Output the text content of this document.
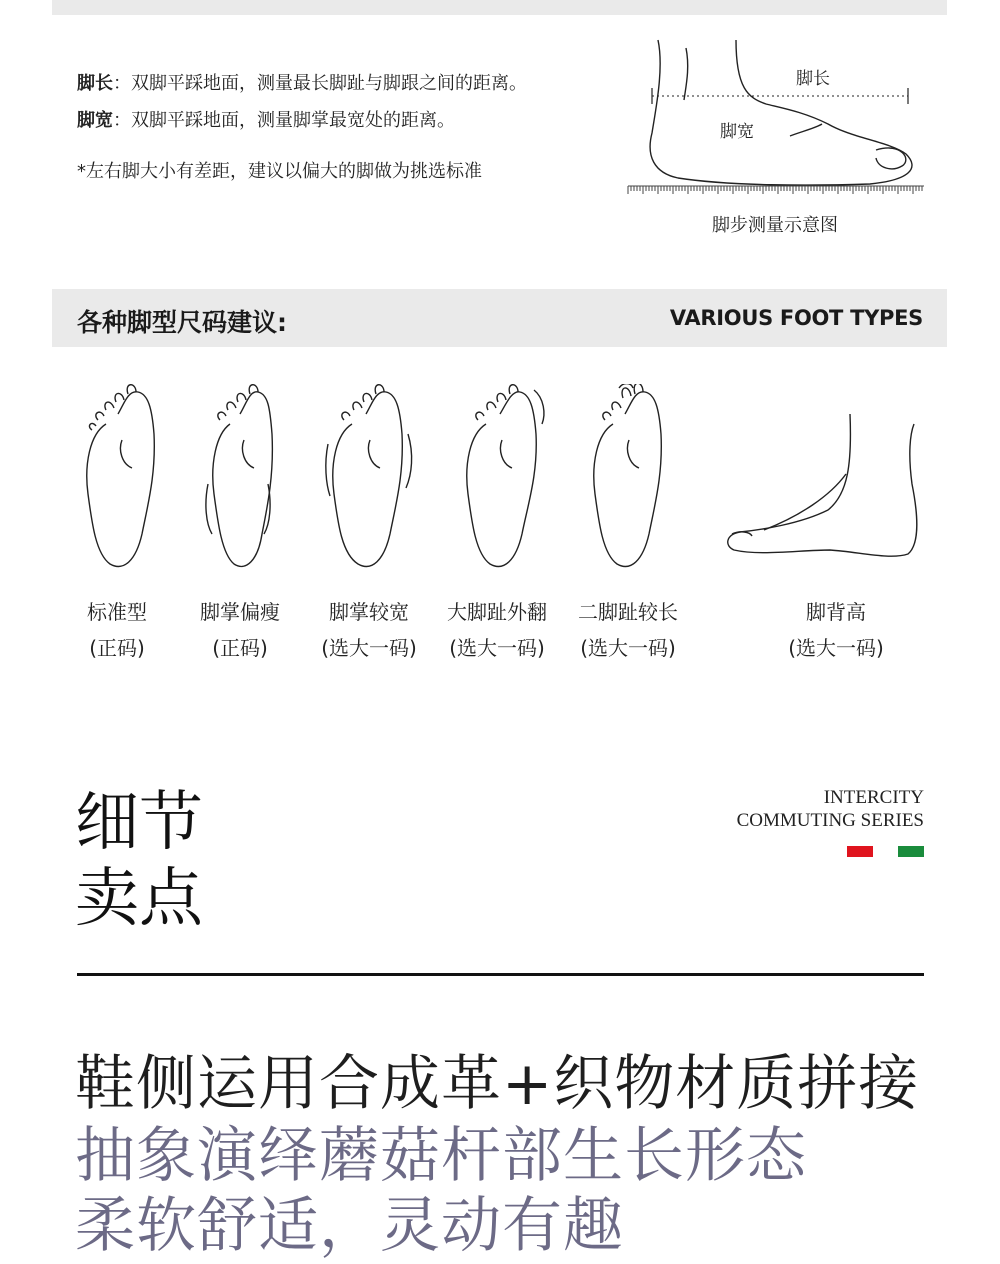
脚长：双脚平踩地面，测量最长脚趾与脚跟之间的距离。
脚宽：双脚平踩地面，测量脚掌最宽处的距离。
*左右脚大小有差距，建议以偏大的脚做为挑选标准
脚长
脚宽
脚步测量示意图
各种脚型尺码建议:	VARIOUS FOOT TYPES
标准型
(正码)
脚掌偏瘦
(正码)
脚掌较宽
(选大一码)
大脚趾外翻
(选大一码)
二脚趾较长
(选大一码)
脚背高
(选大一码)
细节
卖点
INTERCITY
COMMUTING SERIES
鞋侧运用合成革+织物材质拼接
抽象演绎蘑菇杆部生长形态
柔软舒适，灵动有趣
